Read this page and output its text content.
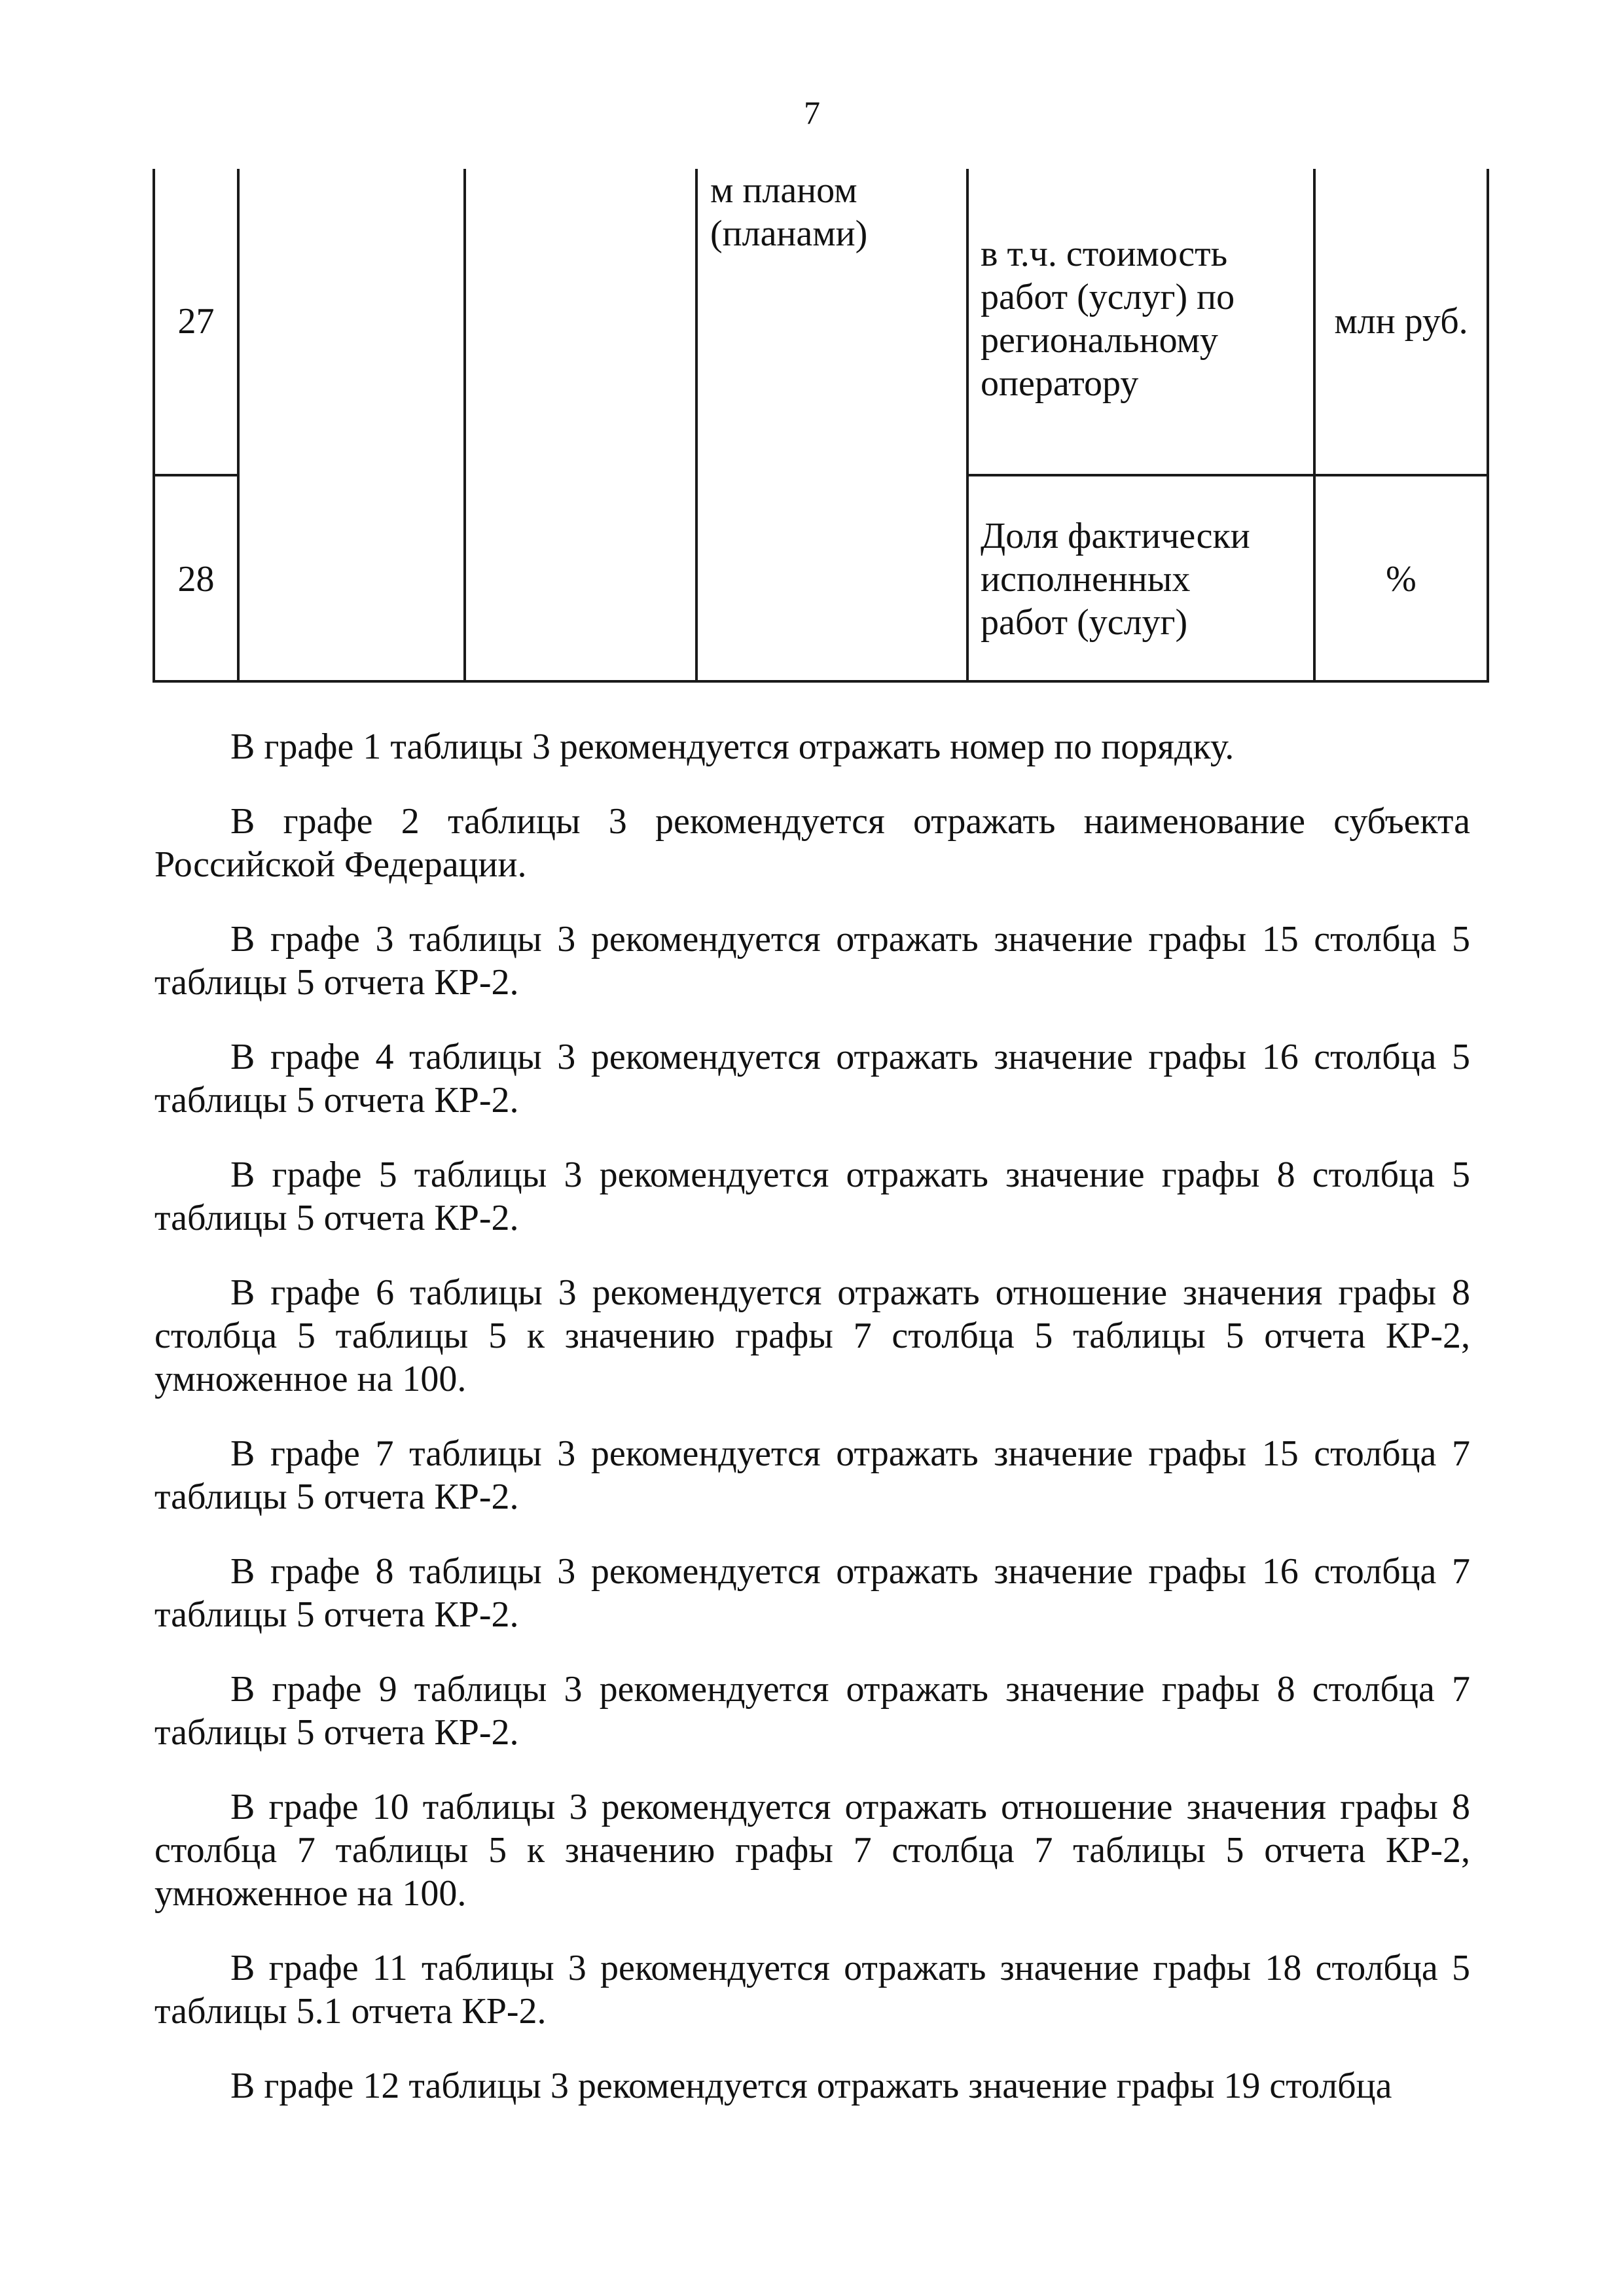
7
27
м планом
(планами)	в т.ч. стоимость
работ (услуг) по
региональному
оператору
млн руб.
28
Доля фактически
исполненных
работ (услуг)
%

В графе 1 таблицы 3 рекомендуется отражать номер по порядку.

В графе 2 таблицы 3 рекомендуется отражать наименование субъекта Российской Федерации.

В графе 3 таблицы 3 рекомендуется отражать значение графы 15 столбца 5 таблицы 5 отчета КР-2.

В графе 4 таблицы 3 рекомендуется отражать значение графы 16 столбца 5 таблицы 5 отчета КР-2.

В графе 5 таблицы 3 рекомендуется отражать значение графы 8 столбца 5 таблицы 5 отчета КР-2.

В графе 6 таблицы 3 рекомендуется отражать отношение значения графы 8 столбца 5 таблицы 5 к значению графы 7 столбца 5 таблицы 5 отчета КР-2, умноженное на 100.

В графе 7 таблицы 3 рекомендуется отражать значение графы 15 столбца 7 таблицы 5 отчета КР-2.

В графе 8 таблицы 3 рекомендуется отражать значение графы 16 столбца 7 таблицы 5 отчета КР-2.

В графе 9 таблицы 3 рекомендуется отражать значение графы 8 столбца 7 таблицы 5 отчета КР-2.

В графе 10 таблицы 3 рекомендуется отражать отношение значения графы 8 столбца 7 таблицы 5 к значению графы 7 столбца 7 таблицы 5 отчета КР-2, умноженное на 100.

В графе 11 таблицы 3 рекомендуется отражать значение графы 18 столбца 5 таблицы 5.1 отчета КР-2.

В графе 12 таблицы 3 рекомендуется отражать значение графы 19 столбца
